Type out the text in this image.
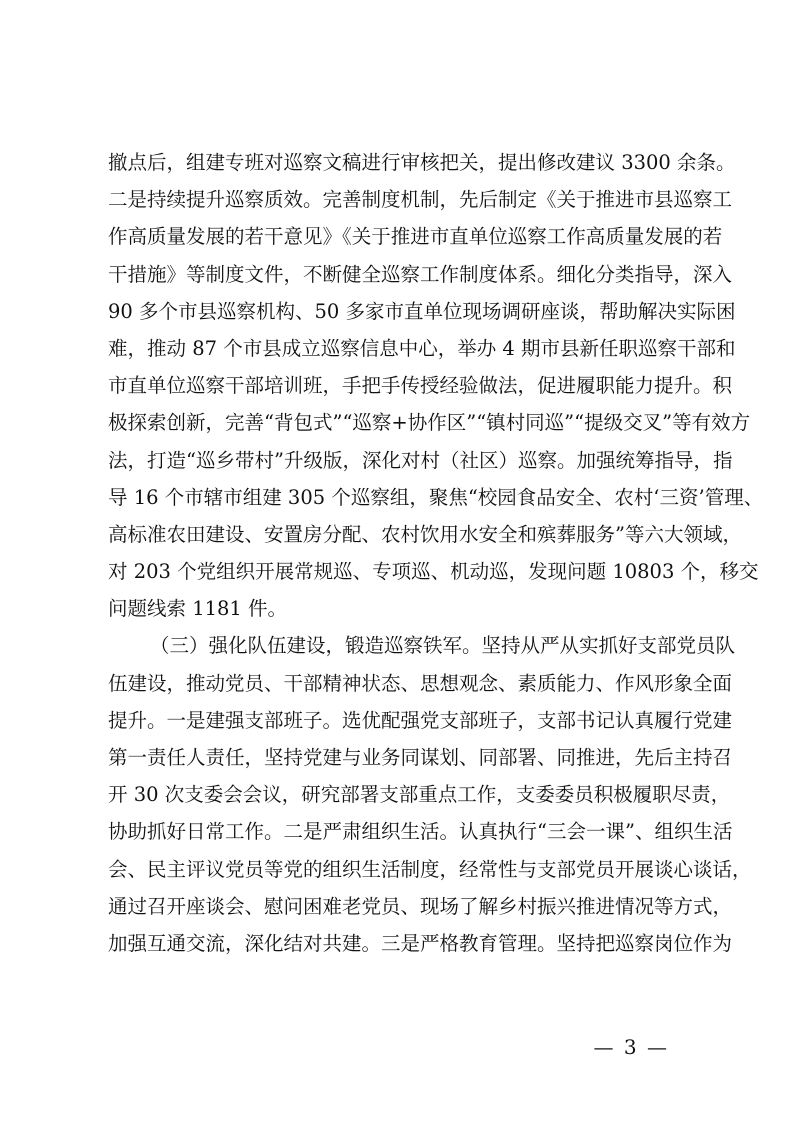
撤点后，组建专班对巡察文稿进行审核把关，提出修改建议 3300 余条。
二是持续提升巡察质效。完善制度机制，先后制定《关于推进市县巡察工
作高质量发展的若干意见》《关于推进市直单位巡察工作高质量发展的若
干措施》等制度文件，不断健全巡察工作制度体系。细化分类指导，深入
90 多个市县巡察机构、50 多家市直单位现场调研座谈，帮助解决实际困
难，推动 87 个市县成立巡察信息中心，举办 4 期市县新任职巡察干部和
市直单位巡察干部培训班，手把手传授经验做法，促进履职能力提升。积
极探索创新，完善“背包式”“巡察+协作区”“镇村同巡”“提级交叉”等有效方
法，打造“巡乡带村”升级版，深化对村（社区）巡察。加强统筹指导，指
导 16 个市辖市组建 305 个巡察组，聚焦“校园食品安全、农村‘三资’管理、
高标准农田建设、安置房分配、农村饮用水安全和殡葬服务”等六大领域，
对 203 个党组织开展常规巡、专项巡、机动巡，发现问题 10803 个，移交
问题线索 1181 件。
（三）强化队伍建设，锻造巡察铁军。坚持从严从实抓好支部党员队
伍建设，推动党员、干部精神状态、思想观念、素质能力、作风形象全面
提升。一是建强支部班子。选优配强党支部班子，支部书记认真履行党建
第一责任人责任，坚持党建与业务同谋划、同部署、同推进，先后主持召
开 30 次支委会会议，研究部署支部重点工作，支委委员积极履职尽责，
协助抓好日常工作。二是严肃组织生活。认真执行“三会一课”、组织生活
会、民主评议党员等党的组织生活制度，经常性与支部党员开展谈心谈话，
通过召开座谈会、慰问困难老党员、现场了解乡村振兴推进情况等方式，
加强互通交流，深化结对共建。三是严格教育管理。坚持把巡察岗位作为
— 3 —
